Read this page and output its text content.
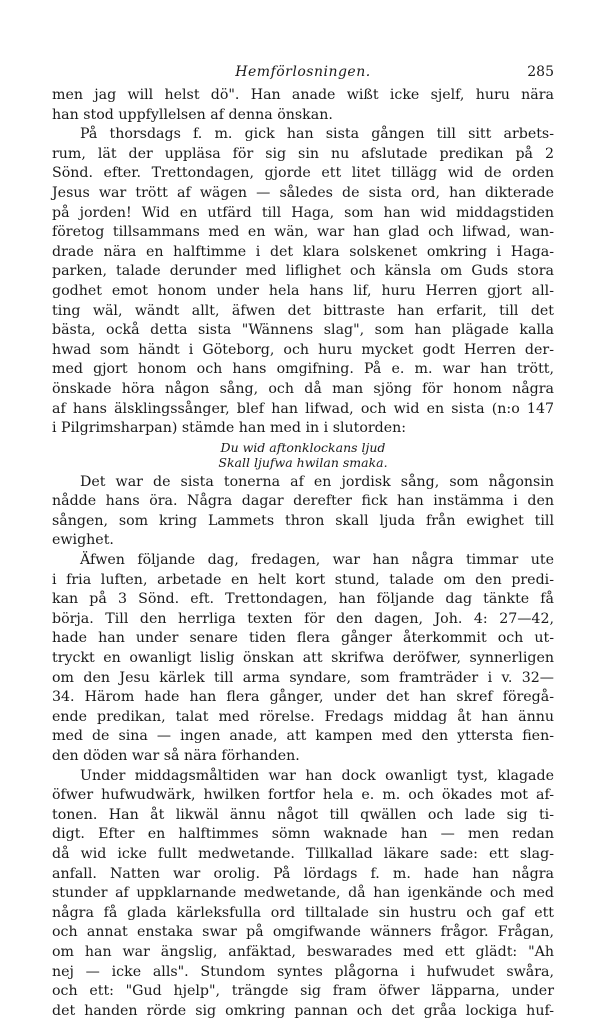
Hemförlosningen.	285
men jag will helst dö". Han anade wißt icke sjelf, huru nära
han stod uppfyllelsen af denna önskan.
På thorsdags f. m. gick han sista gången till sitt arbets-
rum, lät der uppläsa för sig sin nu afslutade predikan på 2
Sönd. efter. Trettondagen, gjorde ett litet tillägg wid de orden
Jesus war trött af wägen — således de sista ord, han dikterade
på jorden! Wid en utfärd till Haga, som han wid middagstiden
företog tillsammans med en wän, war han glad och lifwad, wan-
drade nära en halftimme i det klara solskenet omkring i Haga-
parken, talade derunder med liflighet och känsla om Guds stora
godhet emot honom under hela hans lif, huru Herren gjort all-
ting wäl, wändt allt, äfwen det bittraste han erfarit, till det
bästa, ockå detta sista "Wännens slag", som han plägade kalla
hwad som händt i Göteborg, och huru mycket godt Herren der-
med gjort honom och hans omgifning. På e. m. war han trött,
önskade höra någon sång, och då man sjöng för honom några
af hans älsklingssånger, blef han lifwad, och wid en sista (n:o 147
i Pilgrimsharpan) stämde han med in i slutorden:
Du wid aftonklockans ljud
Skall ljufwa hwilan smaka.
Det war de sista tonerna af en jordisk sång, som någonsin
nådde hans öra. Några dagar derefter fick han instämma i den
sången, som kring Lammets thron skall ljuda från ewighet till
ewighet.
Äfwen följande dag, fredagen, war han några timmar ute
i fria luften, arbetade en helt kort stund, talade om den predi-
kan på 3 Sönd. eft. Trettondagen, han följande dag tänkte få
börja. Till den herrliga texten för den dagen, Joh. 4: 27—42,
hade han under senare tiden flera gånger återkommit och ut-
tryckt en owanligt lislig önskan att skrifwa deröfwer, synnerligen
om den Jesu kärlek till arma syndare, som framträder i v. 32—
34. Härom hade han flera gånger, under det han skref föregå-
ende predikan, talat med rörelse. Fredags middag åt han ännu
med de sina — ingen anade, att kampen med den yttersta fien-
den döden war så nära förhanden.
Under middagsmåltiden war han dock owanligt tyst, klagade
öfwer hufwudwärk, hwilken fortfor hela e. m. och ökades mot af-
tonen. Han åt likwäl ännu något till qwällen och lade sig ti-
digt. Efter en halftimmes sömn waknade han — men redan
då wid icke fullt medwetande. Tillkallad läkare sade: ett slag-
anfall. Natten war orolig. På lördags f. m. hade han några
stunder af uppklarnande medwetande, då han igenkände och med
några få glada kärleksfulla ord tilltalade sin hustru och gaf ett
och annat enstaka swar på omgifwande wänners frågor. Frågan,
om han war ängslig, anfäktad, beswarades med ett glädt: "Ah
nej — icke alls". Stundom syntes plågorna i hufwudet swåra,
och ett: "Gud hjelp", trängde sig fram öfwer läpparna, under
det handen rörde sig omkring pannan och det gråa lockiga huf-
